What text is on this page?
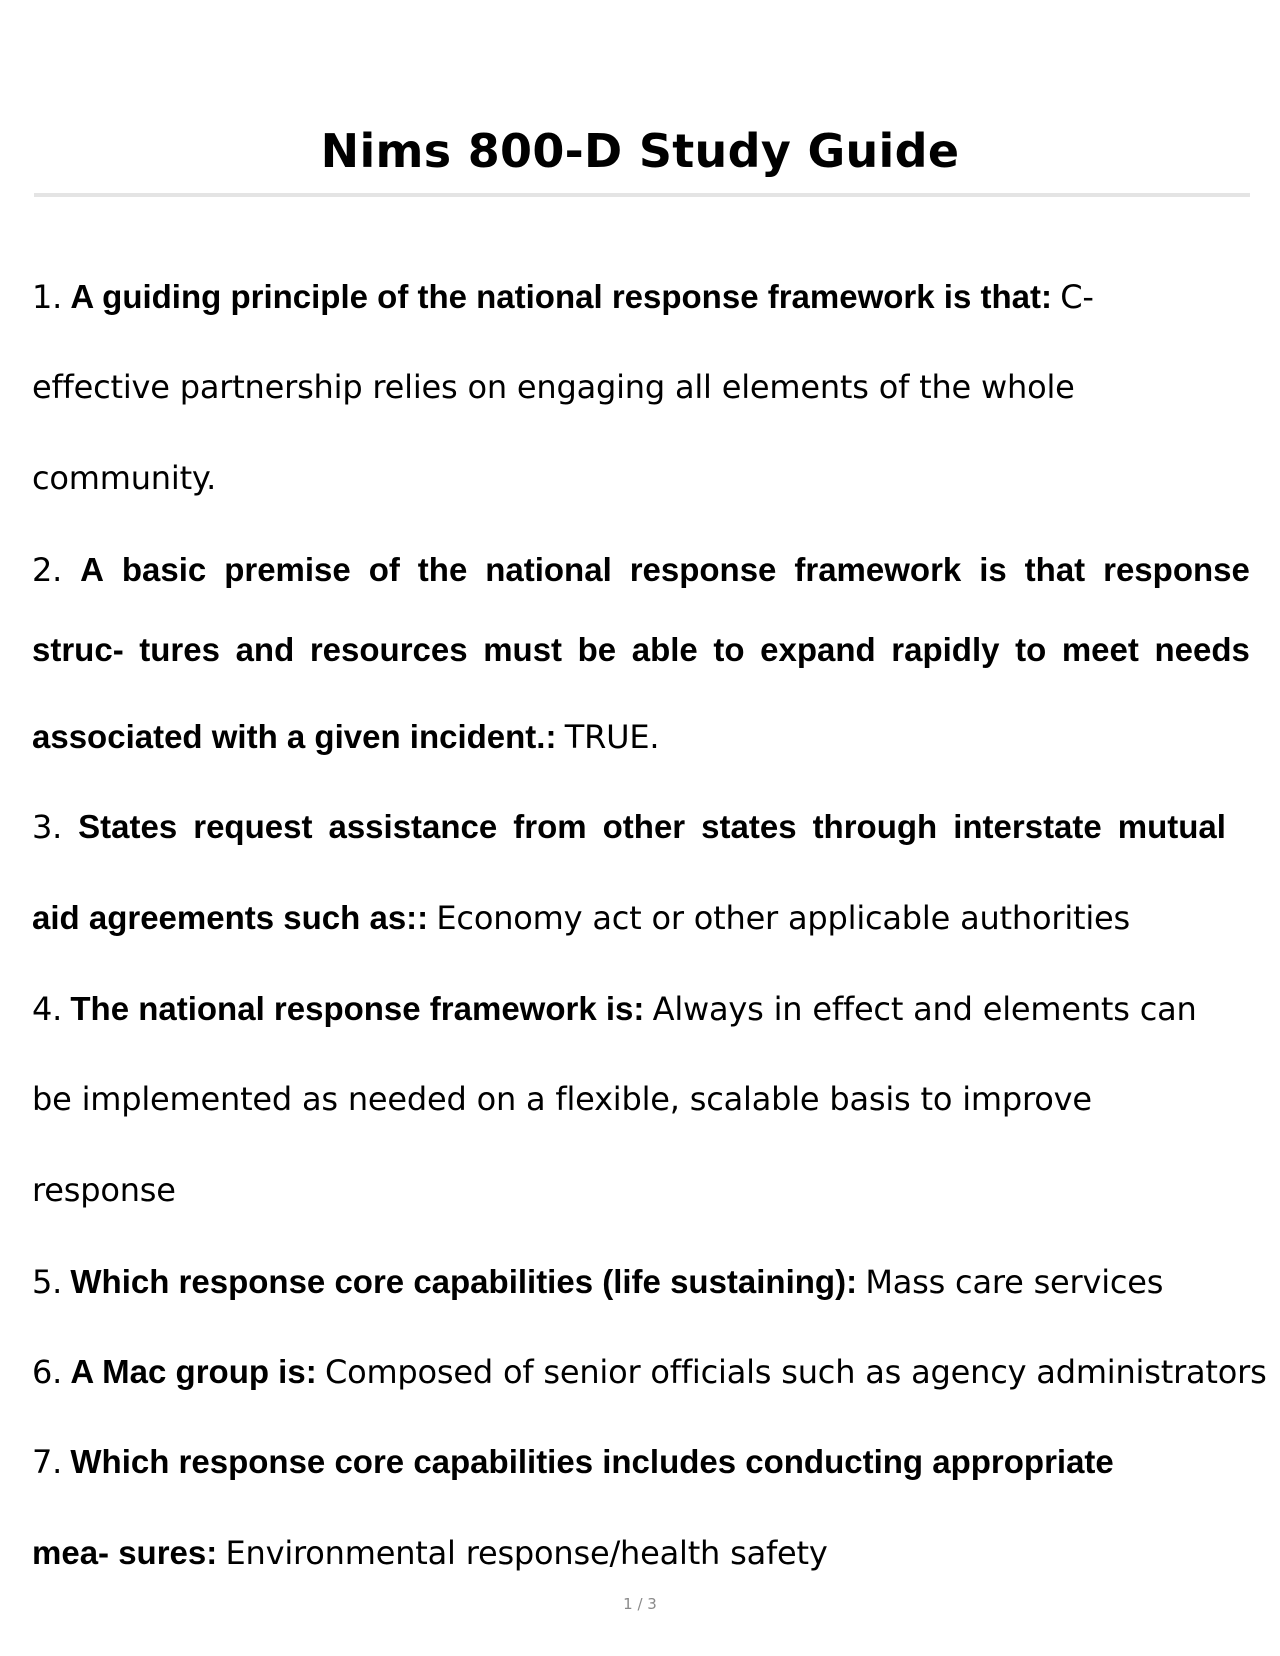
Nims 800-D Study Guide
1. A guiding principle of the national response framework is that: C-
effective partnership relies on engaging all elements of the whole
community.
2. A basic premise of the national response framework is that response
struc- tures and resources must be able to expand rapidly to meet needs
associated with a given incident.: TRUE.
3. States request assistance from other states through interstate mutual
aid agreements such as:: Economy act or other applicable authorities
4. The national response framework is: Always in effect and elements can
be implemented as needed on a flexible, scalable basis to improve
response
5. Which response core capabilities (life sustaining): Mass care services
6. A Mac group is: Composed of senior officials such as agency administrators
7. Which response core capabilities includes conducting appropriate
mea- sures: Environmental response/health safety
1 / 3
